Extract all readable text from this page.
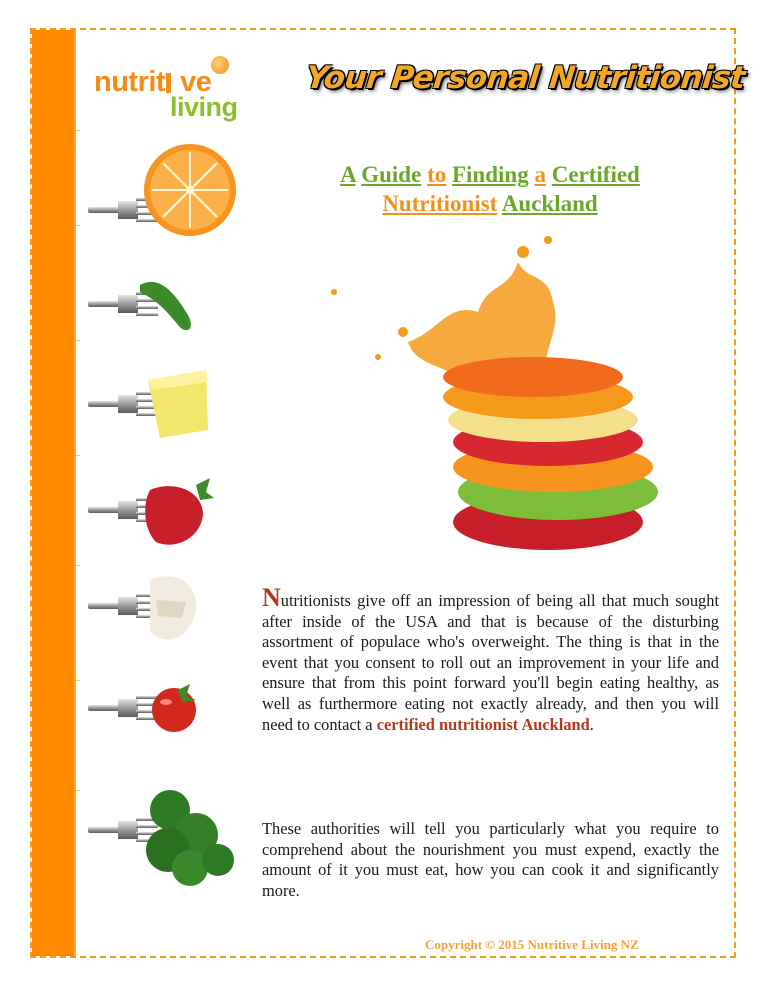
nutrit ve
living
Your Personal Nutritionist
A Guide to Finding a Certified
Nutritionist Auckland

Nutritionists give off an impression of being all that much sought after inside of the USA and that is because of the disturbing assortment of populace who's overweight. The thing is that in the event that you consent to roll out an improvement in your life and ensure that from this point forward you'll begin eating healthy, as well as furthermore eating not exactly already, and then you will need to contact a certified nutritionist Auckland.

These authorities will tell you particularly what you require to comprehend about the nourishment you must expend, exactly the amount of it you must eat, how you can cook it and significantly more.

Copyright © 2015 Nutritive Living NZ
